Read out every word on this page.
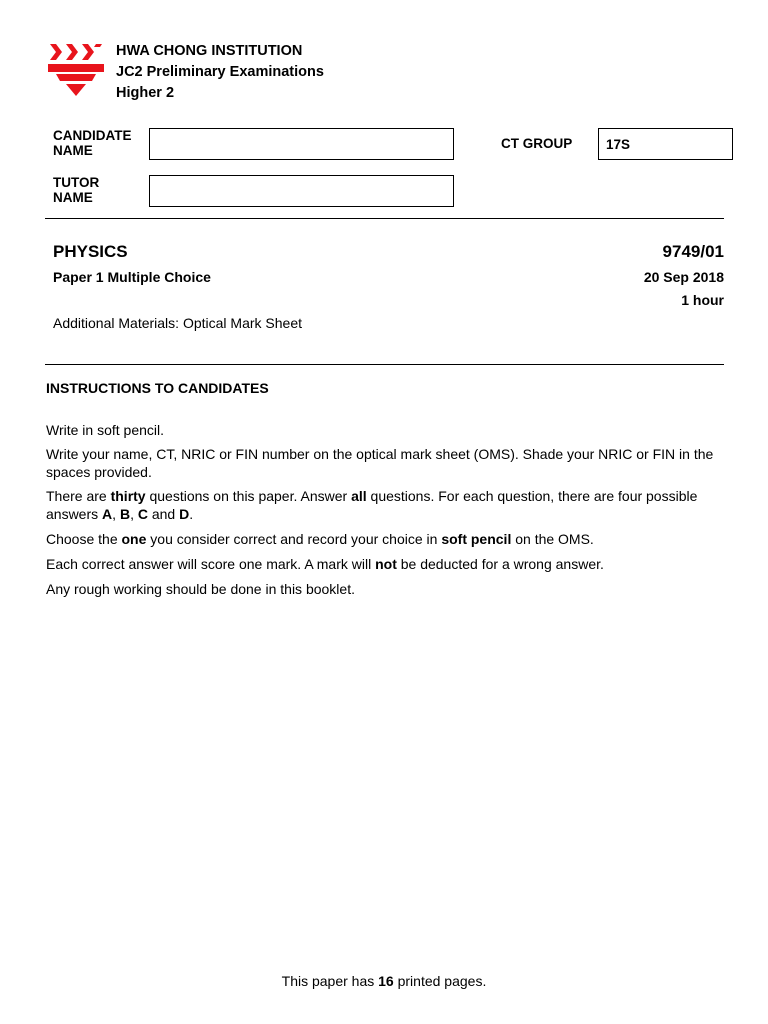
HWA CHONG INSTITUTION
JC2 Preliminary Examinations
Higher 2
CANDIDATE
NAME	CT GROUP 17S
TUTOR
NAME
PHYSICS	9749/01
Paper 1 Multiple Choice	20 Sep 2018
1 hour
Additional Materials: Optical Mark Sheet
INSTRUCTIONS TO CANDIDATES

Write in soft pencil.

Write your name, CT, NRIC or FIN number on the optical mark sheet (OMS). Shade your NRIC or FIN in the spaces provided.

There are thirty questions on this paper. Answer all questions. For each question, there are four possible answers A, B, C and D.

Choose the one you consider correct and record your choice in soft pencil on the OMS.

Each correct answer will score one mark. A mark will not be deducted for a wrong answer.

Any rough working should be done in this booklet.

This paper has 16 printed pages.
